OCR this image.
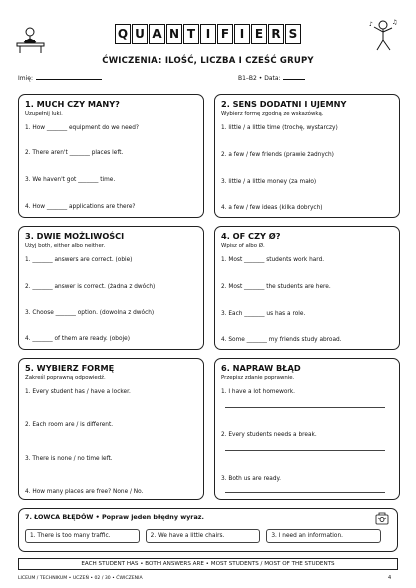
♪	♫
Q U A N T I F I E R S
ĆWICZENIA: ILOŚĆ, LICZBA I CZEŚĆ GRUPY
Imię:	B1–B2 • Data:
1. MUCH CZY MANY?
Uzupełnij luki.
1. How _______ equipment do we need?
2. There aren't _______ places left.
3. We haven't got _______ time.
4. How _______ applications are there?
2. SENS DODATNI I UJEMNY
Wybierz formę zgodną ze wskazówką.
1. little / a little time (trochę, wystarczy)
2. a few / few friends (prawie żadnych)
3. little / a little money (za mało)
4. a few / few ideas (kilka dobrych)
3. DWIE MOŻLIWOŚCI
Użyj both, either albo neither.
1. _______ answers are correct. (obie)
2. _______ answer is correct. (żadna z dwóch)
3. Choose _______ option. (dowolna z dwóch)
4. _______ of them are ready. (oboje)
4. OF CZY Ø?
Wpisz of albo Ø.
1. Most _______ students work hard.
2. Most _______ the students are here.
3. Each _______ us has a role.
4. Some _______ my friends study abroad.
5. WYBIERZ FORMĘ
Zakreśl poprawną odpowiedź.
1. Every student has / have a locker.
2. Each room are / is different.
3. There is none / no time left.
4. How many places are free? None / No.
6. NAPRAW BŁĄD
Przepisz zdanie poprawnie.
1. I have a lot homework.
2. Every students needs a break.
3. Both us are ready.
7. ŁOWCA BŁĘDÓW • Popraw jeden błędny wyraz.
1. There is too many traffic.	2. We have a little chairs.	3. I need an information.
EACH STUDENT HAS • BOTH ANSWERS ARE • MOST STUDENTS / MOST OF THE STUDENTS
LICEUM / TECHNIKUM • UCZEŃ • 02 / 30 • ĆWICZENIA	4
